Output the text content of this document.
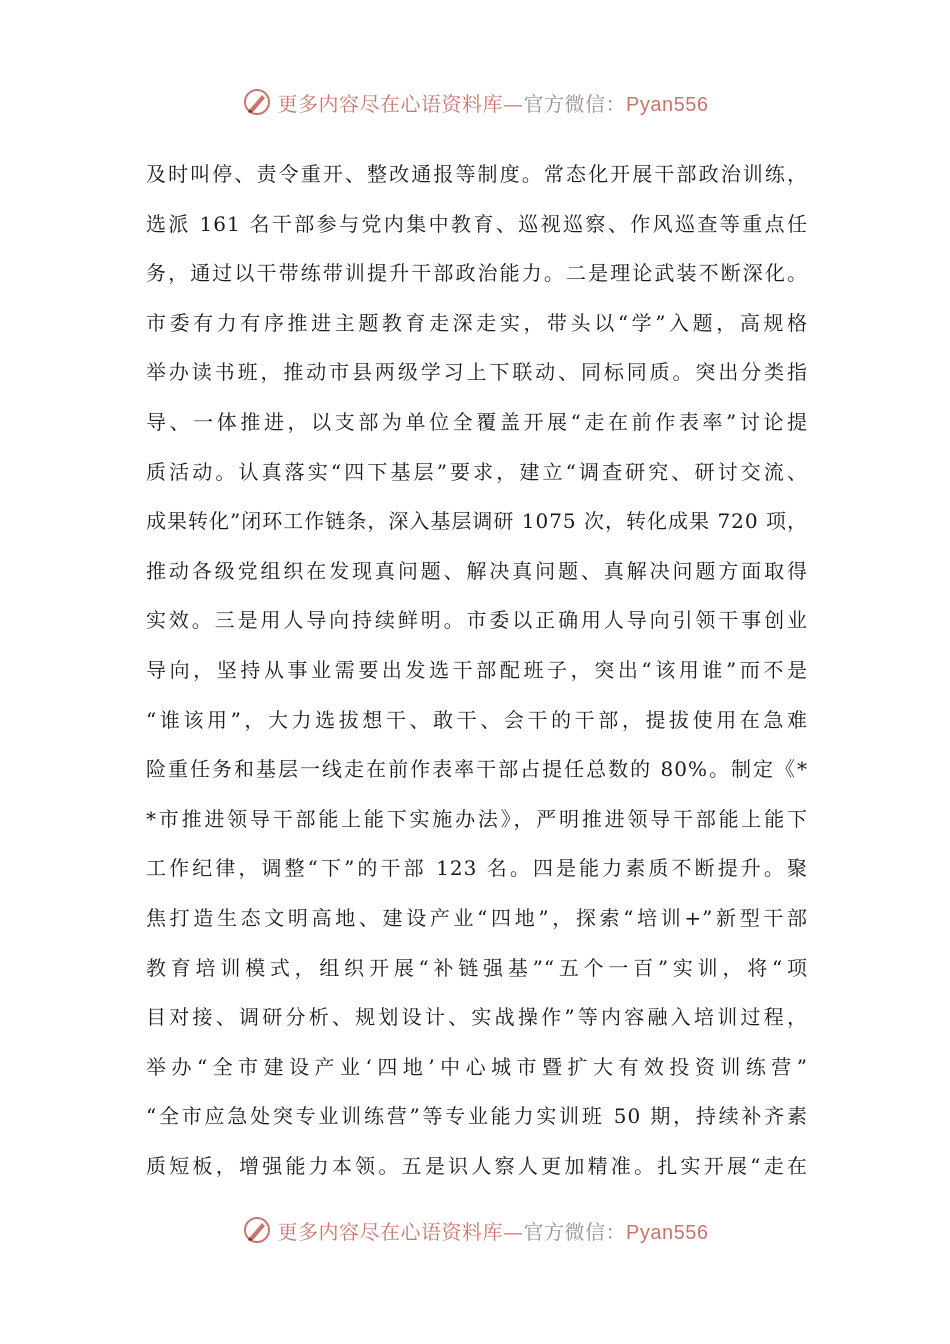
更多内容尽在心语资料库—官方微信：Pyan556
及时叫停、责令重开、整改通报等制度。常态化开展干部政治训练，
选派 161 名干部参与党内集中教育、巡视巡察、作风巡查等重点任
务，通过以干带练带训提升干部政治能力。二是理论武装不断深化。
市委有力有序推进主题教育走深走实，带头以“学”入题，高规格
举办读书班，推动市县两级学习上下联动、同标同质。突出分类指
导、一体推进，以支部为单位全覆盖开展“走在前作表率”讨论提
质活动。认真落实“四下基层”要求，建立“调查研究、研讨交流、
成果转化”闭环工作链条，深入基层调研 1075 次，转化成果 720 项，
推动各级党组织在发现真问题、解决真问题、真解决问题方面取得
实效。三是用人导向持续鲜明。市委以正确用人导向引领干事创业
导向，坚持从事业需要出发选干部配班子，突出“该用谁”而不是
“谁该用”，大力选拔想干、敢干、会干的干部，提拔使用在急难
险重任务和基层一线走在前作表率干部占提任总数的 80%。制定《*
*市推进领导干部能上能下实施办法》，严明推进领导干部能上能下
工作纪律，调整“下”的干部 123 名。四是能力素质不断提升。聚
焦打造生态文明高地、建设产业“四地”，探索“培训+”新型干部
教育培训模式，组织开展“补链强基”“五个一百”实训，将“项
目对接、调研分析、规划设计、实战操作”等内容融入培训过程，
举办“全市建设产业‘四地’中心城市暨扩大有效投资训练营”
“全市应急处突专业训练营”等专业能力实训班 50 期，持续补齐素
质短板，增强能力本领。五是识人察人更加精准。扎实开展“走在
更多内容尽在心语资料库—官方微信：Pyan556
